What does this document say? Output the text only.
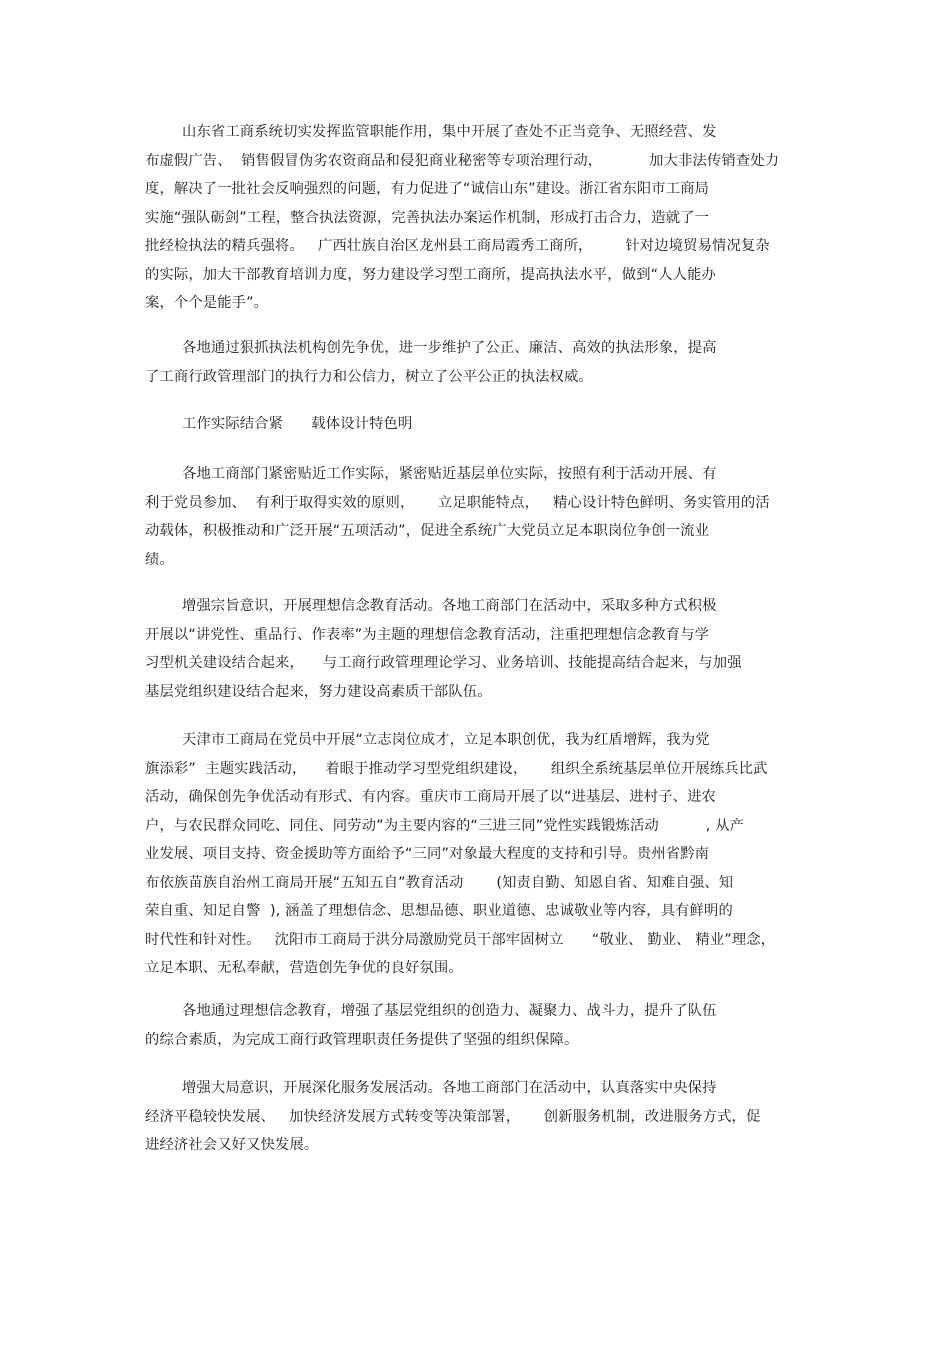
山东省工商系统切实发挥监管职能作用，集中开展了查处不正当竞争、无照经营、发
布虚假广告、  销售假冒伪劣农资商品和侵犯商业秘密等专项治理行动，          加大非法传销查处力
度，解决了一批社会反响强烈的问题，有力促进了“诚信山东”建设。浙江省东阳市工商局
实施“强队砺剑”工程，整合执法资源，完善执法办案运作机制，形成打击合力，造就了一
批经检执法的精兵强将。   广西壮族自治区龙州县工商局霞秀工商所，       针对边境贸易情况复杂
的实际，加大干部教育培训力度，努力建设学习型工商所，提高执法水平，做到“人人能办
案，个个是能手”。
各地通过狠抓执法机构创先争优，进一步维护了公正、廉洁、高效的执法形象，提高
了工商行政管理部门的执行力和公信力，树立了公平公正的执法权威。
工作实际结合紧      载体设计特色明
各地工商部门紧密贴近工作实际，紧密贴近基层单位实际，按照有利于活动开展、有
利于党员参加、  有利于取得实效的原则，     立足职能特点，   精心设计特色鲜明、务实管用的活
动载体，积极推动和广泛开展“五项活动”，促进全系统广大党员立足本职岗位争创一流业
绩。
增强宗旨意识，开展理想信念教育活动。各地工商部门在活动中，采取多种方式积极
开展以“讲党性、重品行、作表率”为主题的理想信念教育活动，注重把理想信念教育与学
习型机关建设结合起来，    与工商行政管理理论学习、业务培训、技能提高结合起来，与加强
基层党组织建设结合起来，努力建设高素质干部队伍。
天津市工商局在党员中开展“立志岗位成才，立足本职创优，我为红盾增辉，我为党
旗添彩”  主题实践活动，    着眼于推动学习型党组织建设，     组织全系统基层单位开展练兵比武
活动，确保创先争优活动有形式、有内容。重庆市工商局开展了以“进基层、进村子、进农
户，与农民群众同吃、同住、同劳动”为主要内容的“三进三同”党性实践锻炼活动          , 从产
业发展、项目支持、资金援助等方面给予“三同”对象最大程度的支持和引导。贵州省黔南
布依族苗族自治州工商局开展“五知五自”教育活动       (知责自勤、知恩自省、知难自强、知
荣自重、知足自警  ), 涵盖了理想信念、思想品德、职业道德、忠诚敬业等内容，具有鲜明的
时代性和针对性。   沈阳市工商局于洪分局激励党员干部牢固树立      “敬业、 勤业、 精业”理念，
立足本职、无私奉献，营造创先争优的良好氛围。
各地通过理想信念教育，增强了基层党组织的创造力、凝聚力、战斗力，提升了队伍
的综合素质，为完成工商行政管理职责任务提供了坚强的组织保障。
增强大局意识，开展深化服务发展活动。各地工商部门在活动中，认真落实中央保持
经济平稳较快发展、   加快经济发展方式转变等决策部署，     创新服务机制，改进服务方式，促
进经济社会又好又快发展。
